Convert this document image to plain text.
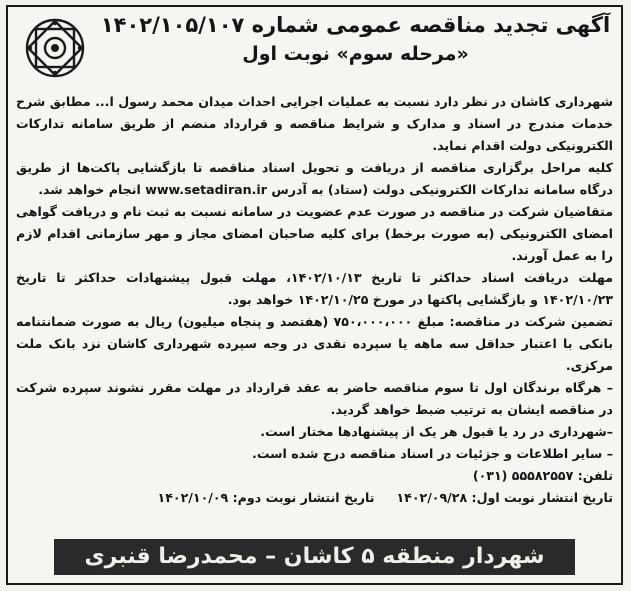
آگهی تجدید مناقصه عمومی شماره ۱۴۰۲/۱۰۵/۱۰۷
«مرحله سوم» نوبت اول

شهرداری کاشان در نظر دارد نسبت به عملیات اجرایی احداث میدان محمد رسول ا... مطابق شرح خدمات مندرج در اسناد و مدارک و شرایط مناقصه و قرارداد منضم از طریق سامانه تدارکات الکترونیکی دولت اقدام نماید.

کلیه مراحل برگزاری مناقصه از دریافت و تحویل اسناد مناقصه تا بازگشایی پاکت‌ها از طریق درگاه سامانه تدارکات الکترونیکی دولت (ستاد) به آدرس www.setadiran.ir انجام خواهد شد.

متقاضیان شرکت در مناقصه در صورت عدم عضویت در سامانه نسبت به ثبت نام و دریافت گواهی امضای الکترونیکی (به صورت برخط) برای کلیه صاحبان امضای مجاز و مهر سازمانی اقدام لازم را به عمل آورند.

مهلت دریافت اسناد حداکثر تا تاریخ ۱۴۰۲/۱۰/۱۳، مهلت قبول پیشنهادات حداکثر تا تاریخ ۱۴۰۲/۱۰/۲۳ و بازگشایی پاکتها در مورخ ۱۴۰۲/۱۰/۲۵ خواهد بود.

تضمین شرکت در مناقصه: مبلغ ۷۵۰،۰۰۰،۰۰۰ (هفتصد و پنجاه میلیون) ریال به صورت ضمانتنامه بانکی با اعتبار حداقل سه ماهه یا سپرده نقدی در وجه سپرده شهرداری کاشان نزد بانک ملت مرکزی.

– هرگاه برندگان اول تا سوم مناقصه حاضر به عقد قرارداد در مهلت مقرر نشوند سپرده شرکت در مناقصه ایشان به ترتیب ضبط خواهد گردید.

–شهرداری در رد یا قبول هر یک از پیشنهادها مختار است.

– سایر اطلاعات و جزئیات در اسناد مناقصه درج شده است.

تلفن: ۵۵۵۸۲۵۵۷ (۰۳۱)

تاریخ انتشار نوبت اول: ۱۴۰۲/۰۹/۲۸     تاریخ انتشار نوبت دوم: ۱۴۰۲/۱۰/۰۹

شهردار منطقه ۵ کاشان – محمدرضا قنبری
